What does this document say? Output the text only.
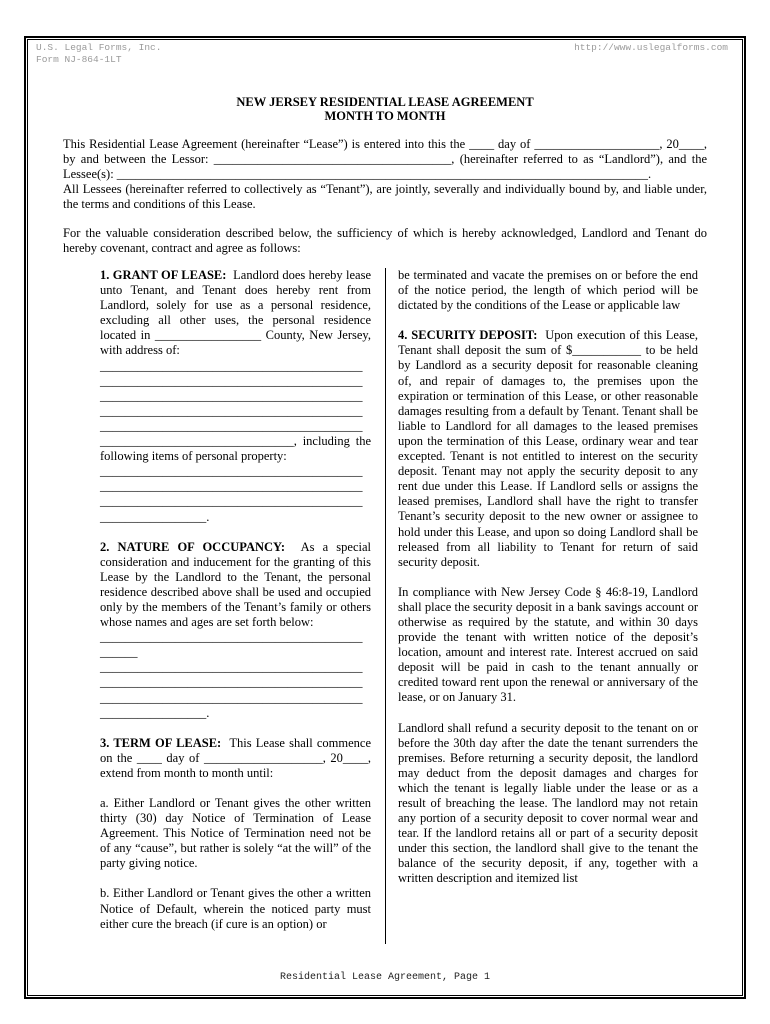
U.S. Legal Forms, Inc.
Form NJ-864-1LT
http://www.uslegalforms.com
NEW JERSEY RESIDENTIAL LEASE AGREEMENT
MONTH TO MONTH
This Residential Lease Agreement (hereinafter “Lease”) is entered into this the ____ day of ____________________, 20____, by and between the Lessor: ______________________________________, (hereinafter referred to as “Landlord”), and the Lessee(s): _____________________________________________________________________________________.
All Lessees (hereinafter referred to collectively as “Tenant”), are jointly, severally and individually bound by, and liable under, the terms and conditions of this Lease.
For the valuable consideration described below, the sufficiency of which is hereby acknowledged, Landlord and Tenant do hereby covenant, contract and agree as follows:

1. GRANT OF LEASE: Landlord does hereby lease unto Tenant, and Tenant does hereby rent from Landlord, solely for use as a personal residence, excluding all other uses, the personal residence located in _________________ County, New Jersey, with address of:

__________________________________________

__________________________________________

__________________________________________

__________________________________________

__________________________________________

_______________________________, including the following items of personal property:

__________________________________________

__________________________________________

__________________________________________

_________________.

2. NATURE OF OCCUPANCY: As a special consideration and inducement for the granting of this Lease by the Landlord to the Tenant, the personal residence described above shall be used and occupied only by the members of the Tenant’s family or others whose names and ages are set forth below:

__________________________________________

______

__________________________________________

__________________________________________

__________________________________________

_________________.

3. TERM OF LEASE: This Lease shall commence on the ____ day of ___________________, 20____, extend from month to month until:

a. Either Landlord or Tenant gives the other written thirty (30) day Notice of Termination of Lease Agreement. This Notice of Termination need not be of any “cause”, but rather is solely “at the will” of the party giving notice.

b. Either Landlord or Tenant gives the other a written Notice of Default, wherein the noticed party must either cure the breach (if cure is an option) or

be terminated and vacate the premises on or before the end of the notice period, the length of which period will be dictated by the conditions of the Lease or applicable law

4. SECURITY DEPOSIT: Upon execution of this Lease, Tenant shall deposit the sum of $___________ to be held by Landlord as a security deposit for reasonable cleaning of, and repair of damages to, the premises upon the expiration or termination of this Lease, or other reasonable damages resulting from a default by Tenant. Tenant shall be liable to Landlord for all damages to the leased premises upon the termination of this Lease, ordinary wear and tear excepted. Tenant is not entitled to interest on the security deposit. Tenant may not apply the security deposit to any rent due under this Lease. If Landlord sells or assigns the leased premises, Landlord shall have the right to transfer Tenant’s security deposit to the new owner or assignee to hold under this Lease, and upon so doing Landlord shall be released from all liability to Tenant for return of said security deposit.

In compliance with New Jersey Code § 46:8-19, Landlord shall place the security deposit in a bank savings account or otherwise as required by the statute, and within 30 days provide the tenant with written notice of the deposit’s location, amount and interest rate. Interest accrued on said deposit will be paid in cash to the tenant annually or credited toward rent upon the renewal or anniversary of the lease, or on January 31.

Landlord shall refund a security deposit to the tenant on or before the 30th day after the date the tenant surrenders the premises. Before returning a security deposit, the landlord may deduct from the deposit damages and charges for which the tenant is legally liable under the lease or as a result of breaching the lease. The landlord may not retain any portion of a security deposit to cover normal wear and tear. If the landlord retains all or part of a security deposit under this section, the landlord shall give to the tenant the balance of the security deposit, if any, together with a written description and itemized list

Residential Lease Agreement, Page 1
